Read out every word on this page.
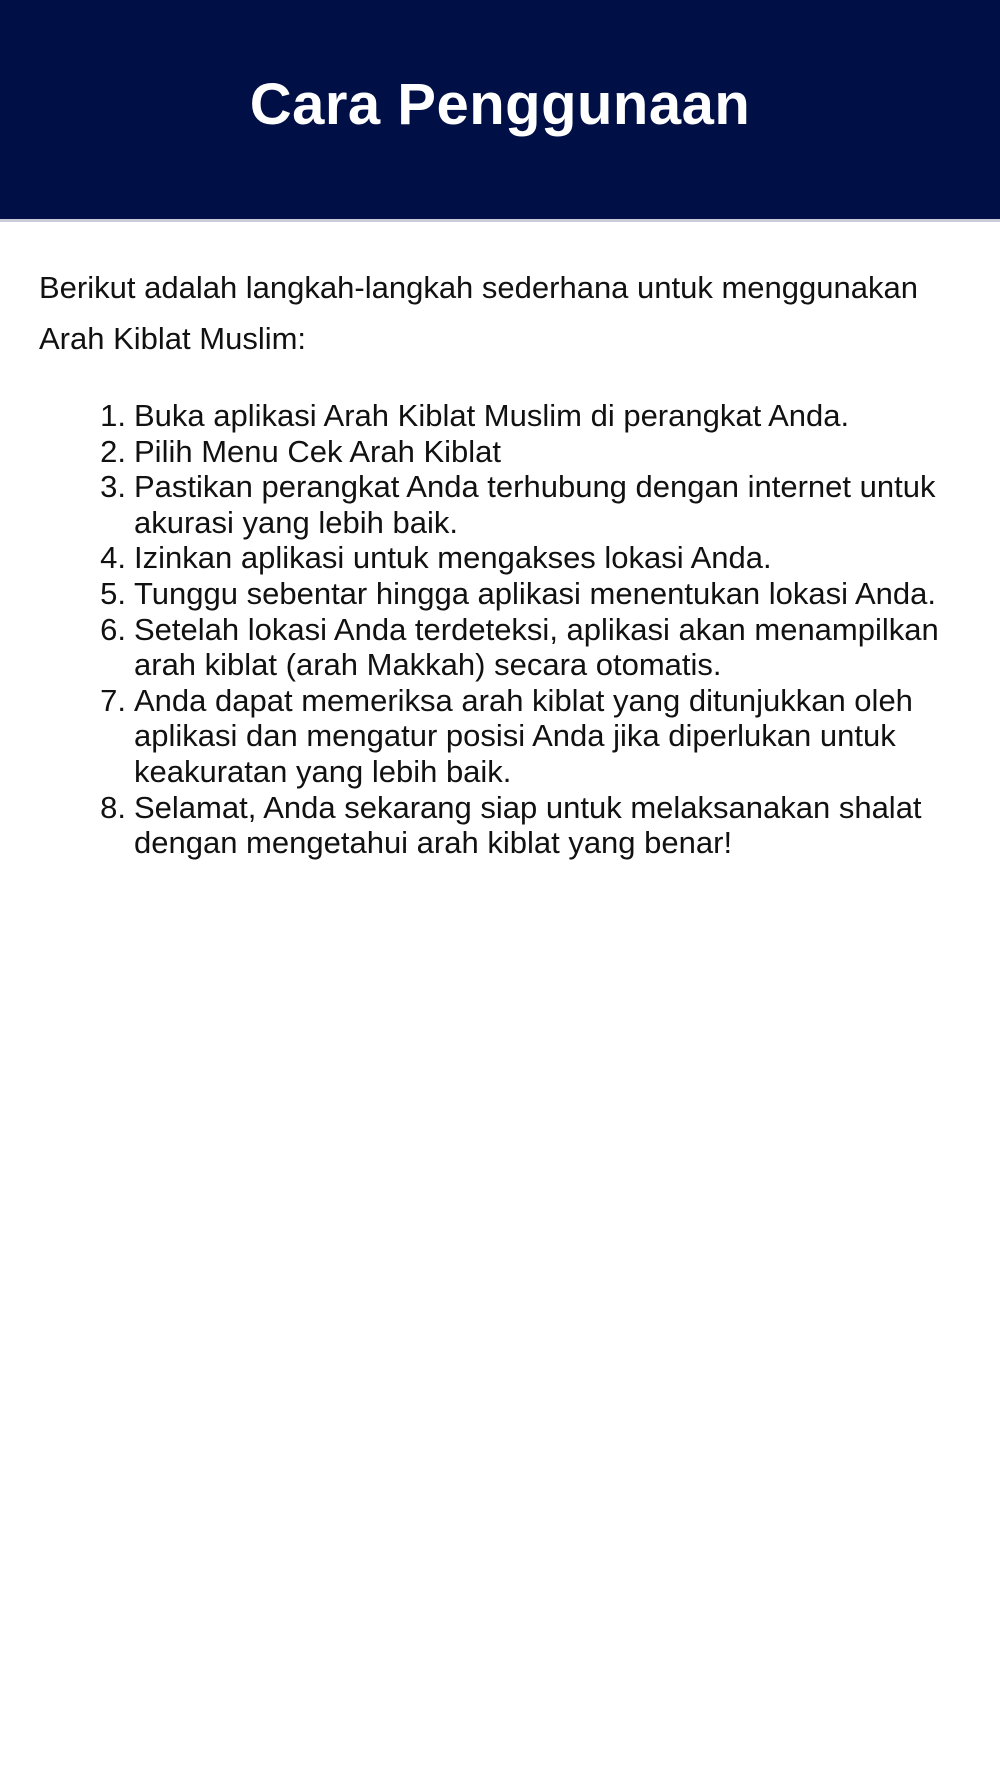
Cara Penggunaan

Berikut adalah langkah-langkah sederhana untuk menggunakan Arah Kiblat Muslim:

1. Buka aplikasi Arah Kiblat Muslim di perangkat Anda.
2. Pilih Menu Cek Arah Kiblat
3. Pastikan perangkat Anda terhubung dengan internet untuk akurasi yang lebih baik.
4. Izinkan aplikasi untuk mengakses lokasi Anda.
5. Tunggu sebentar hingga aplikasi menentukan lokasi Anda.
6. Setelah lokasi Anda terdeteksi, aplikasi akan menampilkan arah kiblat (arah Makkah) secara otomatis.
7. Anda dapat memeriksa arah kiblat yang ditunjukkan oleh aplikasi dan mengatur posisi Anda jika diperlukan untuk keakuratan yang lebih baik.
8. Selamat, Anda sekarang siap untuk melaksanakan shalat dengan mengetahui arah kiblat yang benar!
